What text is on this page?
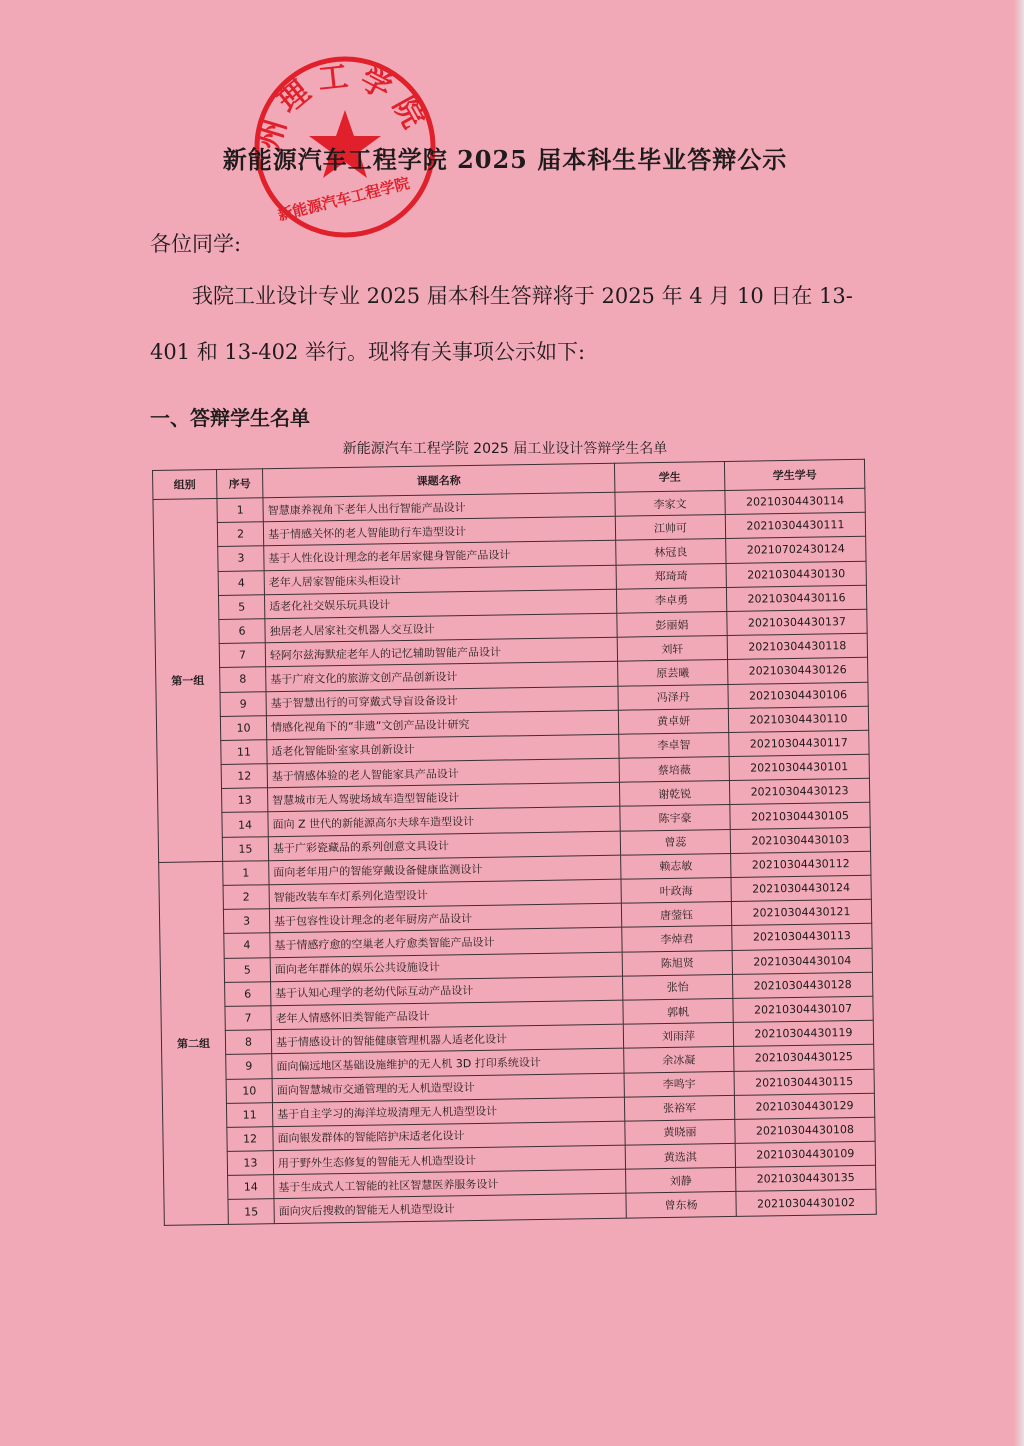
州理工学院
新能源汽车工程学院
新能源汽车工程学院 2025 届本科生毕业答辩公示
各位同学:
我院工业设计专业 2025 届本科生答辩将于 2025 年 4 月 10 日在 13-401 和 13-402 举行。现将有关事项公示如下:
一、答辩学生名单
新能源汽车工程学院 2025 届工业设计答辩学生名单
组别	序号	课题名称	学生	学生学号
第一组	1	智慧康养视角下老年人出行智能产品设计	李家文	20210304430114
	2	基于情感关怀的老人智能助行车造型设计	江帅可	20210304430111
	3	基于人性化设计理念的老年居家健身智能产品设计	林冠良	20210702430124
	4	老年人居家智能床头柜设计	郑琦琦	20210304430130
	5	适老化社交娱乐玩具设计	李卓勇	20210304430116
	6	独居老人居家社交机器人交互设计	彭丽娟	20210304430137
	7	轻阿尔兹海默症老年人的记忆辅助智能产品设计	刘轩	20210304430118
	8	基于广府文化的旅游文创产品创新设计	原芸曦	20210304430126
	9	基于智慧出行的可穿戴式导盲设备设计	冯泽丹	20210304430106
	10	情感化视角下的“非遗”文创产品设计研究	黄卓妍	20210304430110
	11	适老化智能卧室家具创新设计	李卓智	20210304430117
	12	基于情感体验的老人智能家具产品设计	蔡培薇	20210304430101
	13	智慧城市无人驾驶场域车造型智能设计	谢乾锐	20210304430123
	14	面向 Z 世代的新能源高尔夫球车造型设计	陈宇豪	20210304430105
	15	基于广彩瓷藏品的系列创意文具设计	曾蕊	20210304430103
第二组	1	面向老年用户的智能穿戴设备健康监测设计	赖志敏	20210304430112
	2	智能改装车车灯系列化造型设计	叶政海	20210304430124
	3	基于包容性设计理念的老年厨房产品设计	唐蓥钰	20210304430121
	4	基于情感疗愈的空巢老人疗愈类智能产品设计	李焯君	20210304430113
	5	面向老年群体的娱乐公共设施设计	陈旭贤	20210304430104
	6	基于认知心理学的老幼代际互动产品设计	张怡	20210304430128
	7	老年人情感怀旧类智能产品设计	郭帆	20210304430107
	8	基于情感设计的智能健康管理机器人适老化设计	刘雨萍	20210304430119
	9	面向偏远地区基础设施维护的无人机 3D 打印系统设计	余冰凝	20210304430125
	10	面向智慧城市交通管理的无人机造型设计	李鸣宇	20210304430115
	11	基于自主学习的海洋垃圾清理无人机造型设计	张裕军	20210304430129
	12	面向银发群体的智能陪护床适老化设计	黄晓丽	20210304430108
	13	用于野外生态修复的智能无人机造型设计	黄选淇	20210304430109
	14	基于生成式人工智能的社区智慧医养服务设计	刘静	20210304430135
	15	面向灾后搜救的智能无人机造型设计	曾东杨	20210304430102
